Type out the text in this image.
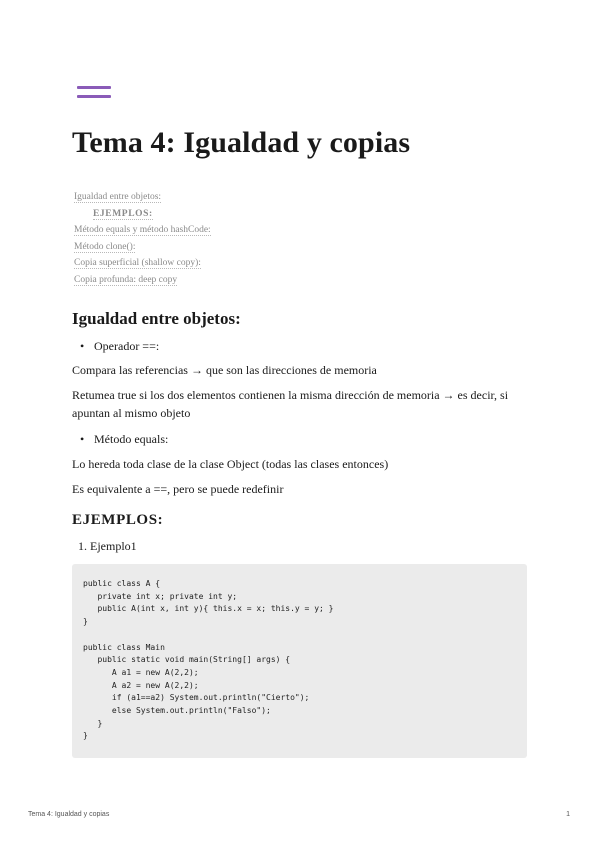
Tema 4: Igualdad y copias
Igualdad entre objetos:
EJEMPLOS:
Método equals y método hashCode:
Método clone():
Copia superficial (shallow copy):
Copia profunda: deep copy
Igualdad entre objetos:
• Operador ==:
Compara las referencias → que son las direcciones de memoria
Retumea true si los dos elementos contienen la misma dirección de memoria → es decir, si apuntan al mismo objeto
• Método equals:
Lo hereda toda clase de la clase Object (todas las clases entonces)
Es equivalente a ==, pero se puede redefinir
EJEMPLOS:
1. Ejemplo1
public class A {
private int x; private int y;
public A(int x, int y){ this.x = x; this.y = y; }
}

public class Main
public static void main(String[] args) {
A a1 = new A(2,2);
A a2 = new A(2,2);
if (a1==a2) System.out.println("Cierto");
else System.out.println("Falso");
}
}
Tema 4: Igualdad y copias	1
